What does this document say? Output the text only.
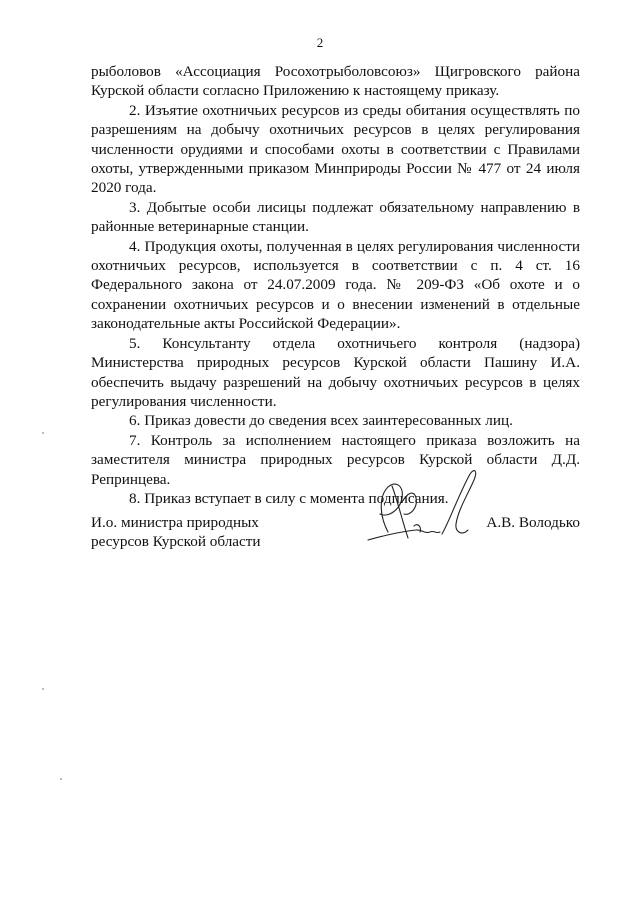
2

рыболовов «Ассоциация Росохотрыболовсоюз» Щигровского района Курской области согласно Приложению к настоящему приказу.

2. Изъятие охотничьих ресурсов из среды обитания осуществлять по разрешениям на добычу охотничьих ресурсов в целях регулирования численности орудиями и способами охоты в соответствии с Правилами охоты, утвержденными приказом Минприроды России № 477 от 24 июля 2020 года.

3. Добытые особи лисицы подлежат обязательному направлению в районные ветеринарные станции.

4. Продукция охоты, полученная в целях регулирования численности охотничьих ресурсов, используется в соответствии с п. 4 ст. 16 Федерального закона от 24.07.2009 года. № 209-ФЗ «Об охоте и о сохранении охотничьих ресурсов и о внесении изменений в отдельные законодательные акты Российской Федерации».

5. Консультанту отдела охотничьего контроля (надзора) Министерства природных ресурсов Курской области Пашину И.А. обеспечить выдачу разрешений на добычу охотничьих ресурсов в целях регулирования численности.

6. Приказ довести до сведения всех заинтересованных лиц.

7. Контроль за исполнением настоящего приказа возложить на заместителя министра природных ресурсов Курской области Д.Д. Репринцева.

8. Приказ вступает в силу с момента подписания.

И.о. министра природных
ресурсов Курской области
А.В. Володько
